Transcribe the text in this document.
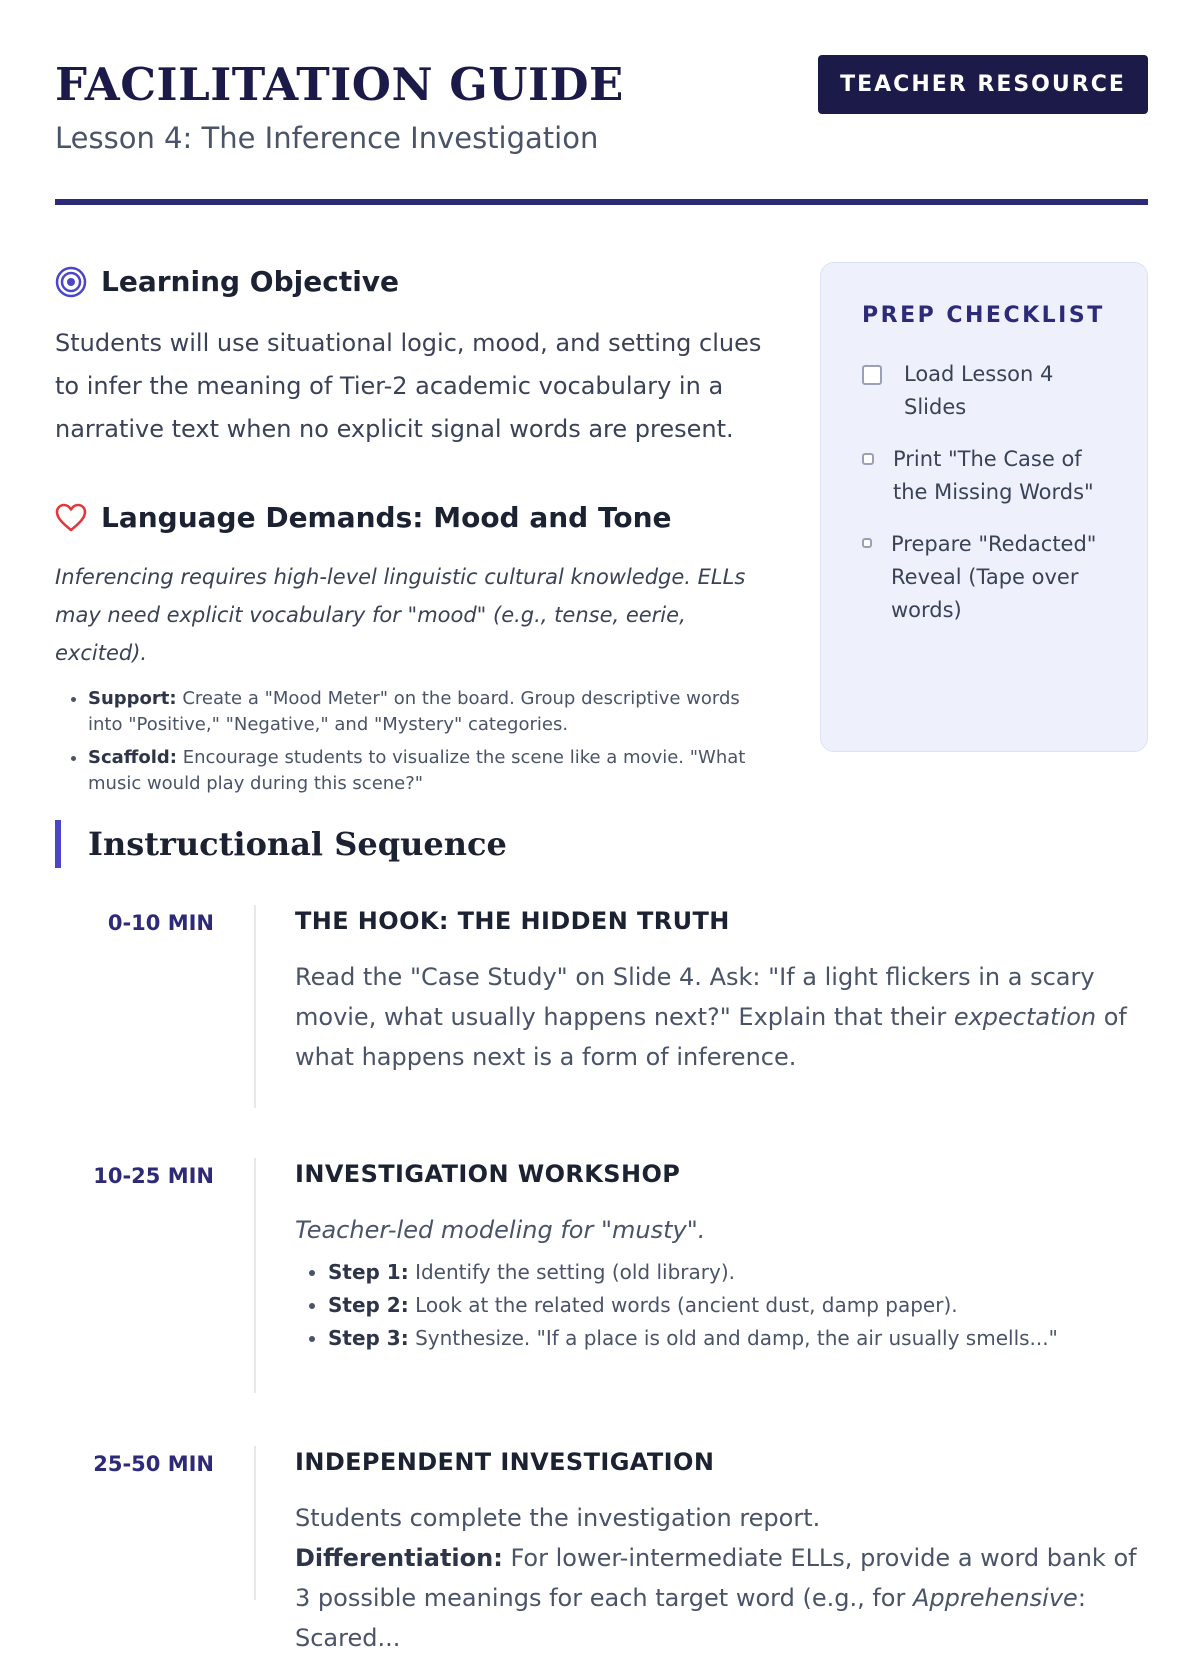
FACILITATION GUIDE
Lesson 4: The Inference Investigation
TEACHER RESOURCE
Learning Objective

Students will use situational logic, mood, and setting clues to infer the meaning of Tier-2 academic vocabulary in a narrative text when no explicit signal words are present.

Language Demands: Mood and Tone

Inferencing requires high-level linguistic cultural knowledge. ELLs may need explicit vocabulary for "mood" (e.g., tense, eerie, excited).

• Support: Create a "Mood Meter" on the board. Group descriptive words into "Positive," "Negative," and "Mystery" categories.
• Scaffold: Encourage students to visualize the scene like a movie. "What music would play during this scene?"
PREP CHECKLIST
Load Lesson 4 Slides
Print "The Case of the Missing Words"
Prepare "Redacted" Reveal (Tape over words)
Instructional Sequence
0-10 MIN	THE HOOK: THE HIDDEN TRUTH

Read the "Case Study" on Slide 4. Ask: "If a light flickers in a scary movie, what usually happens next?" Explain that their expectation of what happens next is a form of inference.

10-25 MIN	INVESTIGATION WORKSHOP

Teacher-led modeling for "musty".

• Step 1: Identify the setting (old library).
• Step 2: Look at the related words (ancient dust, damp paper).
• Step 3: Synthesize. "If a place is old and damp, the air usually smells..."
25-50 MIN	INDEPENDENT INVESTIGATION

Students complete the investigation report.

Differentiation: For lower-intermediate ELLs, provide a word bank of 3 possible meanings for each target word (e.g., for Apprehensive: Scared...
